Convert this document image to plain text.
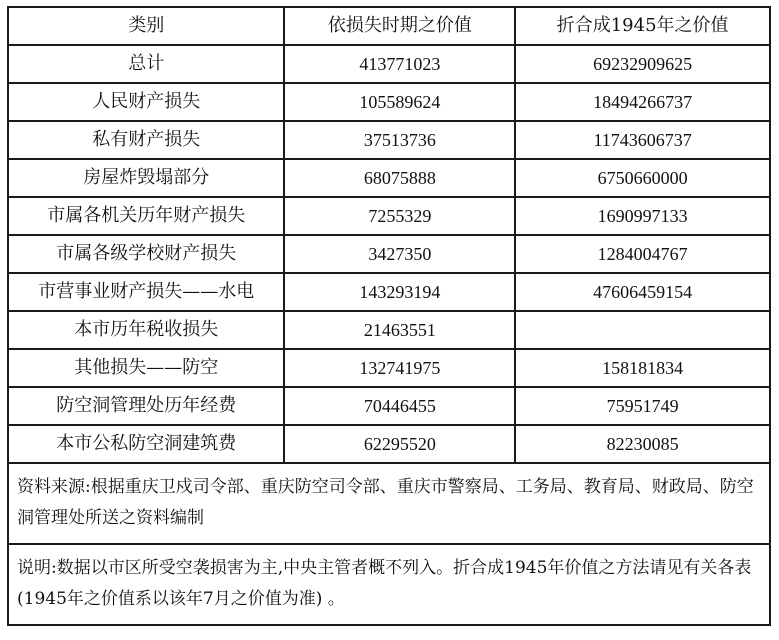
类别	依损失时期之价值	折合成1945年之价值
总计	413771023	69232909625
人民财产损失	105589624	18494266737
私有财产损失	37513736	11743606737
房屋炸毁塌部分	68075888	6750660000
市属各机关历年财产损失	7255329	1690997133
市属各级学校财产损失	3427350	1284004767
市营事业财产损失——水电	143293194	47606459154
本市历年税收损失	21463551	
其他损失——防空	132741975	158181834
防空洞管理处历年经费	70446455	75951749
本市公私防空洞建筑费	62295520	82230085
资料来源:根据重庆卫戍司令部、重庆防空司令部、重庆市警察局、工务局、教育局、财政局、防空洞管理处所送之资料编制		
说明:数据以市区所受空袭损害为主,中央主管者概不列入。折合成1945年价值之方法请见有关各表(1945年之价值系以该年7月之价值为准) 。		
